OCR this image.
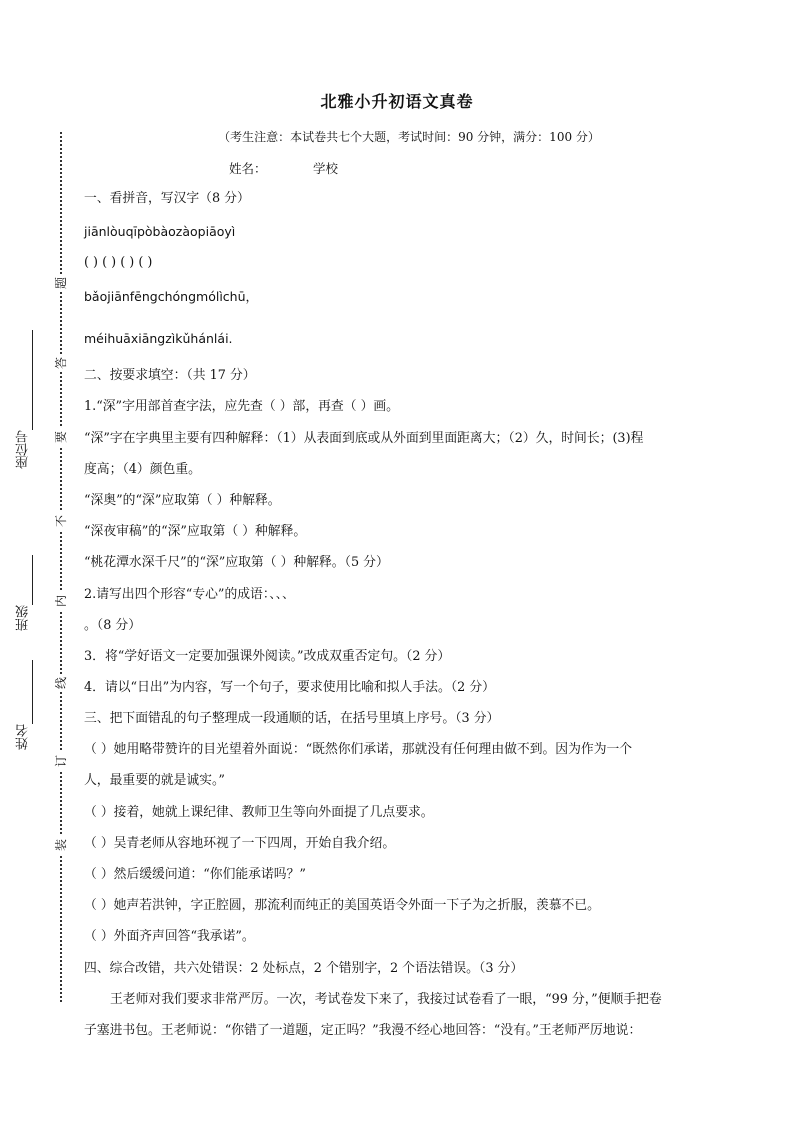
题
答
要
不
内
线
订
装
座位号
班级
姓名
北雅小升初语文真卷
（考生注意：本试卷共七个大题，考试时间：90 分钟，满分：100 分）
姓名：	学校
一、看拼音，写汉字（8 分）
jiānlòuqīpòbàozàopiāoyì
( ) ( ) ( ) ( )
bǎojiānfēngchóngmólìchū，
méihuāxiāngzìkǔhánlái.
二、按要求填空：（共 17 分）
1.“深”字用部首查字法，应先查（ ）部，再查（ ）画。
“深”字在字典里主要有四种解释：（1）从表面到底或从外面到里面距离大；（2）久，时间长；(3)程
度高；（4）颜色重。
“深奥”的“深”应取第（ ）种解释。
“深夜审稿”的“深”应取第（ ）种解释。
“桃花潭水深千尺”的“深”应取第（ ）种解释。（5 分）
2.请写出四个形容“专心”的成语：、、、
。（8 分）
3．将“学好语文一定要加强课外阅读。”改成双重否定句。（2 分）
4．请以“日出”为内容，写一个句子，要求使用比喻和拟人手法。（2 分）
三、把下面错乱的句子整理成一段通顺的话，在括号里填上序号。（3 分）
（ ）她用略带赞许的目光望着外面说：“既然你们承诺，那就没有任何理由做不到。因为作为一个
人，最重要的就是诚实。”
（ ）接着，她就上课纪律、教师卫生等向外面提了几点要求。
（ ）吴青老师从容地环视了一下四周，开始自我介绍。
（ ）然后缓缓问道：“你们能承诺吗？”
（ ）她声若洪钟，字正腔圆，那流利而纯正的美国英语令外面一下子为之折服，羡慕不已。
（ ）外面齐声回答“我承诺”。
四、综合改错，共六处错误：2 处标点，2 个错别字，2 个语法错误。（3 分）
王老师对我们要求非常严厉。一次，考试卷发下来了，我接过试卷看了一眼，“99 分，”便顺手把卷
子塞进书包。王老师说：“你错了一道题，定正吗？”我漫不经心地回答：“没有。”王老师严厉地说：
